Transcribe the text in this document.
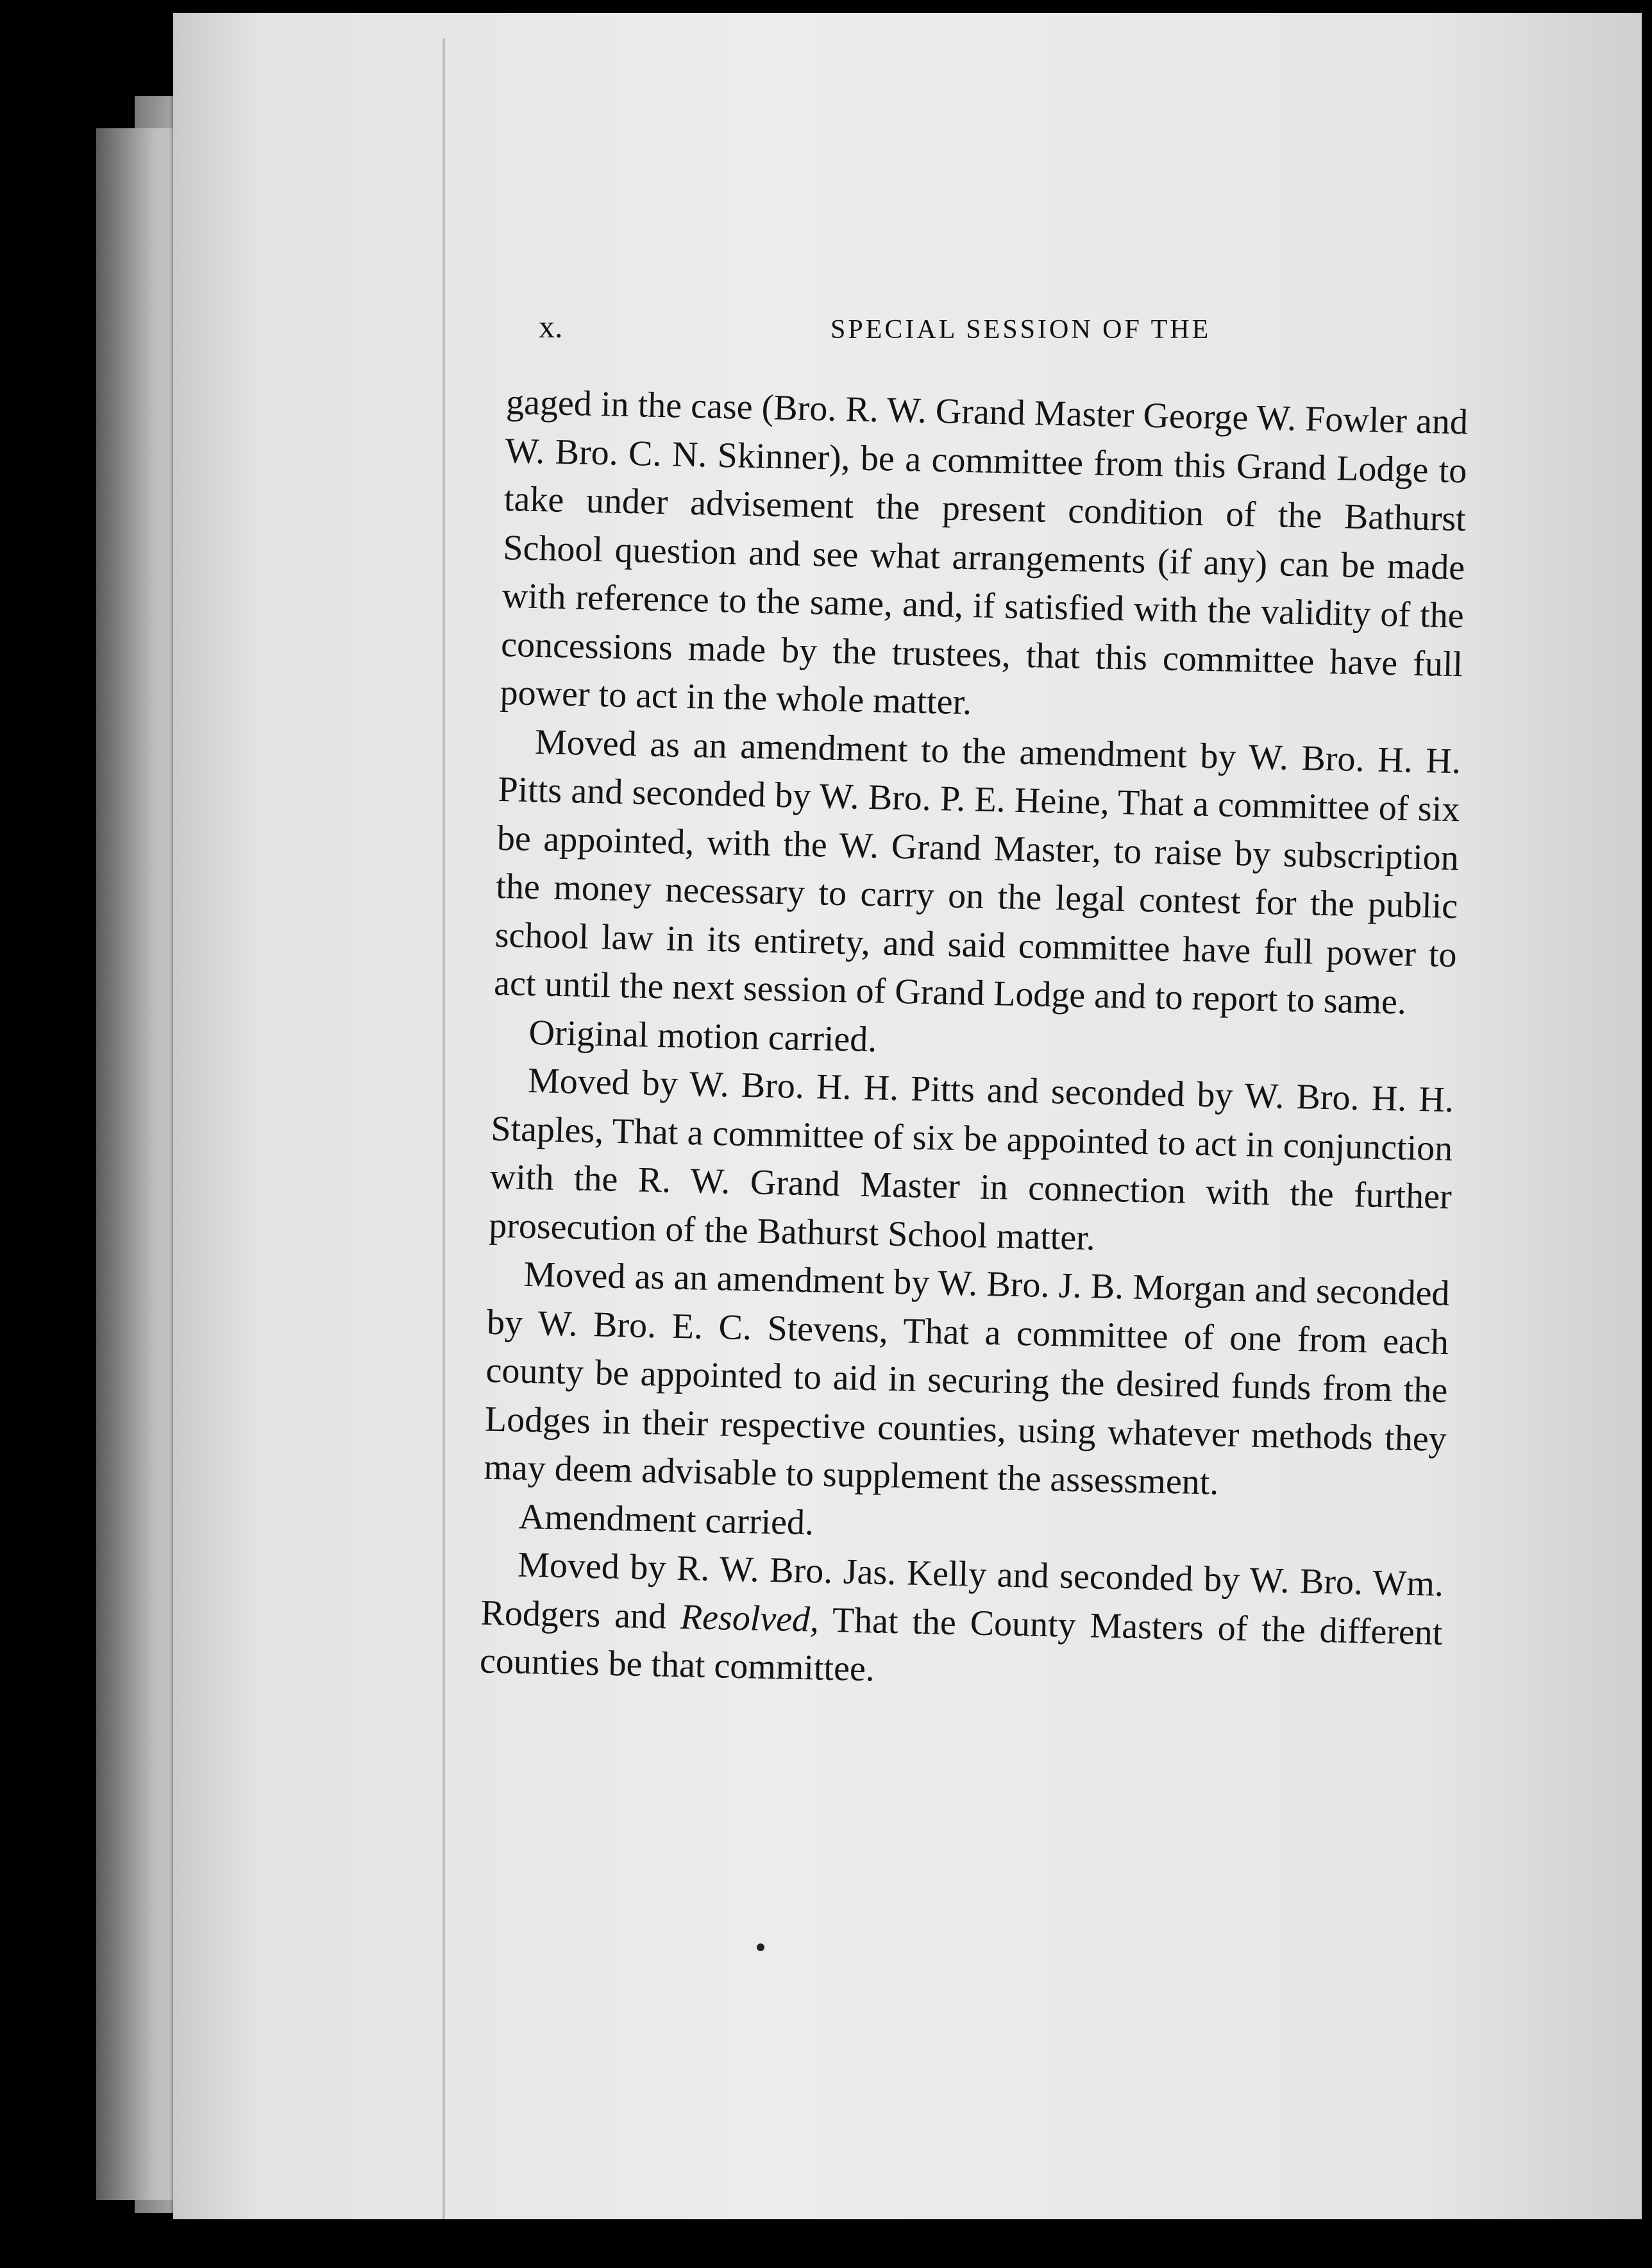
x.	SPECIAL SESSION OF THE

gaged in the case (Bro. R. W. Grand Master George W. Fowler and W. Bro. C. N. Skinner), be a committee from this Grand Lodge to take under advisement the present condition of the Bathurst School question and see what arrangements (if any) can be made with reference to the same, and, if satisfied with the validity of the concessions made by the trustees, that this committee have full power to act in the whole matter.

Moved as an amendment to the amendment by W. Bro. H. H. Pitts and seconded by W. Bro. P. E. Heine, That a committee of six be appointed, with the W. Grand Master, to raise by subscription the money necessary to carry on the legal contest for the public school law in its entirety, and said committee have full power to act until the next session of Grand Lodge and to report to same.

Original motion carried.

Moved by W. Bro. H. H. Pitts and seconded by W. Bro. H. H. Staples, That a committee of six be appointed to act in conjunction with the R. W. Grand Master in connection with the further prosecution of the Bathurst School matter.

Moved as an amendment by W. Bro. J. B. Morgan and seconded by W. Bro. E. C. Stevens, That a committee of one from each county be appointed to aid in securing the desired funds from the Lodges in their respective counties, using whatever methods they may deem advisable to supplement the assessment.

Amendment carried.

Moved by R. W. Bro. Jas. Kelly and seconded by W. Bro. Wm. Rodgers and Resolved, That the County Masters of the different counties be that committee.
